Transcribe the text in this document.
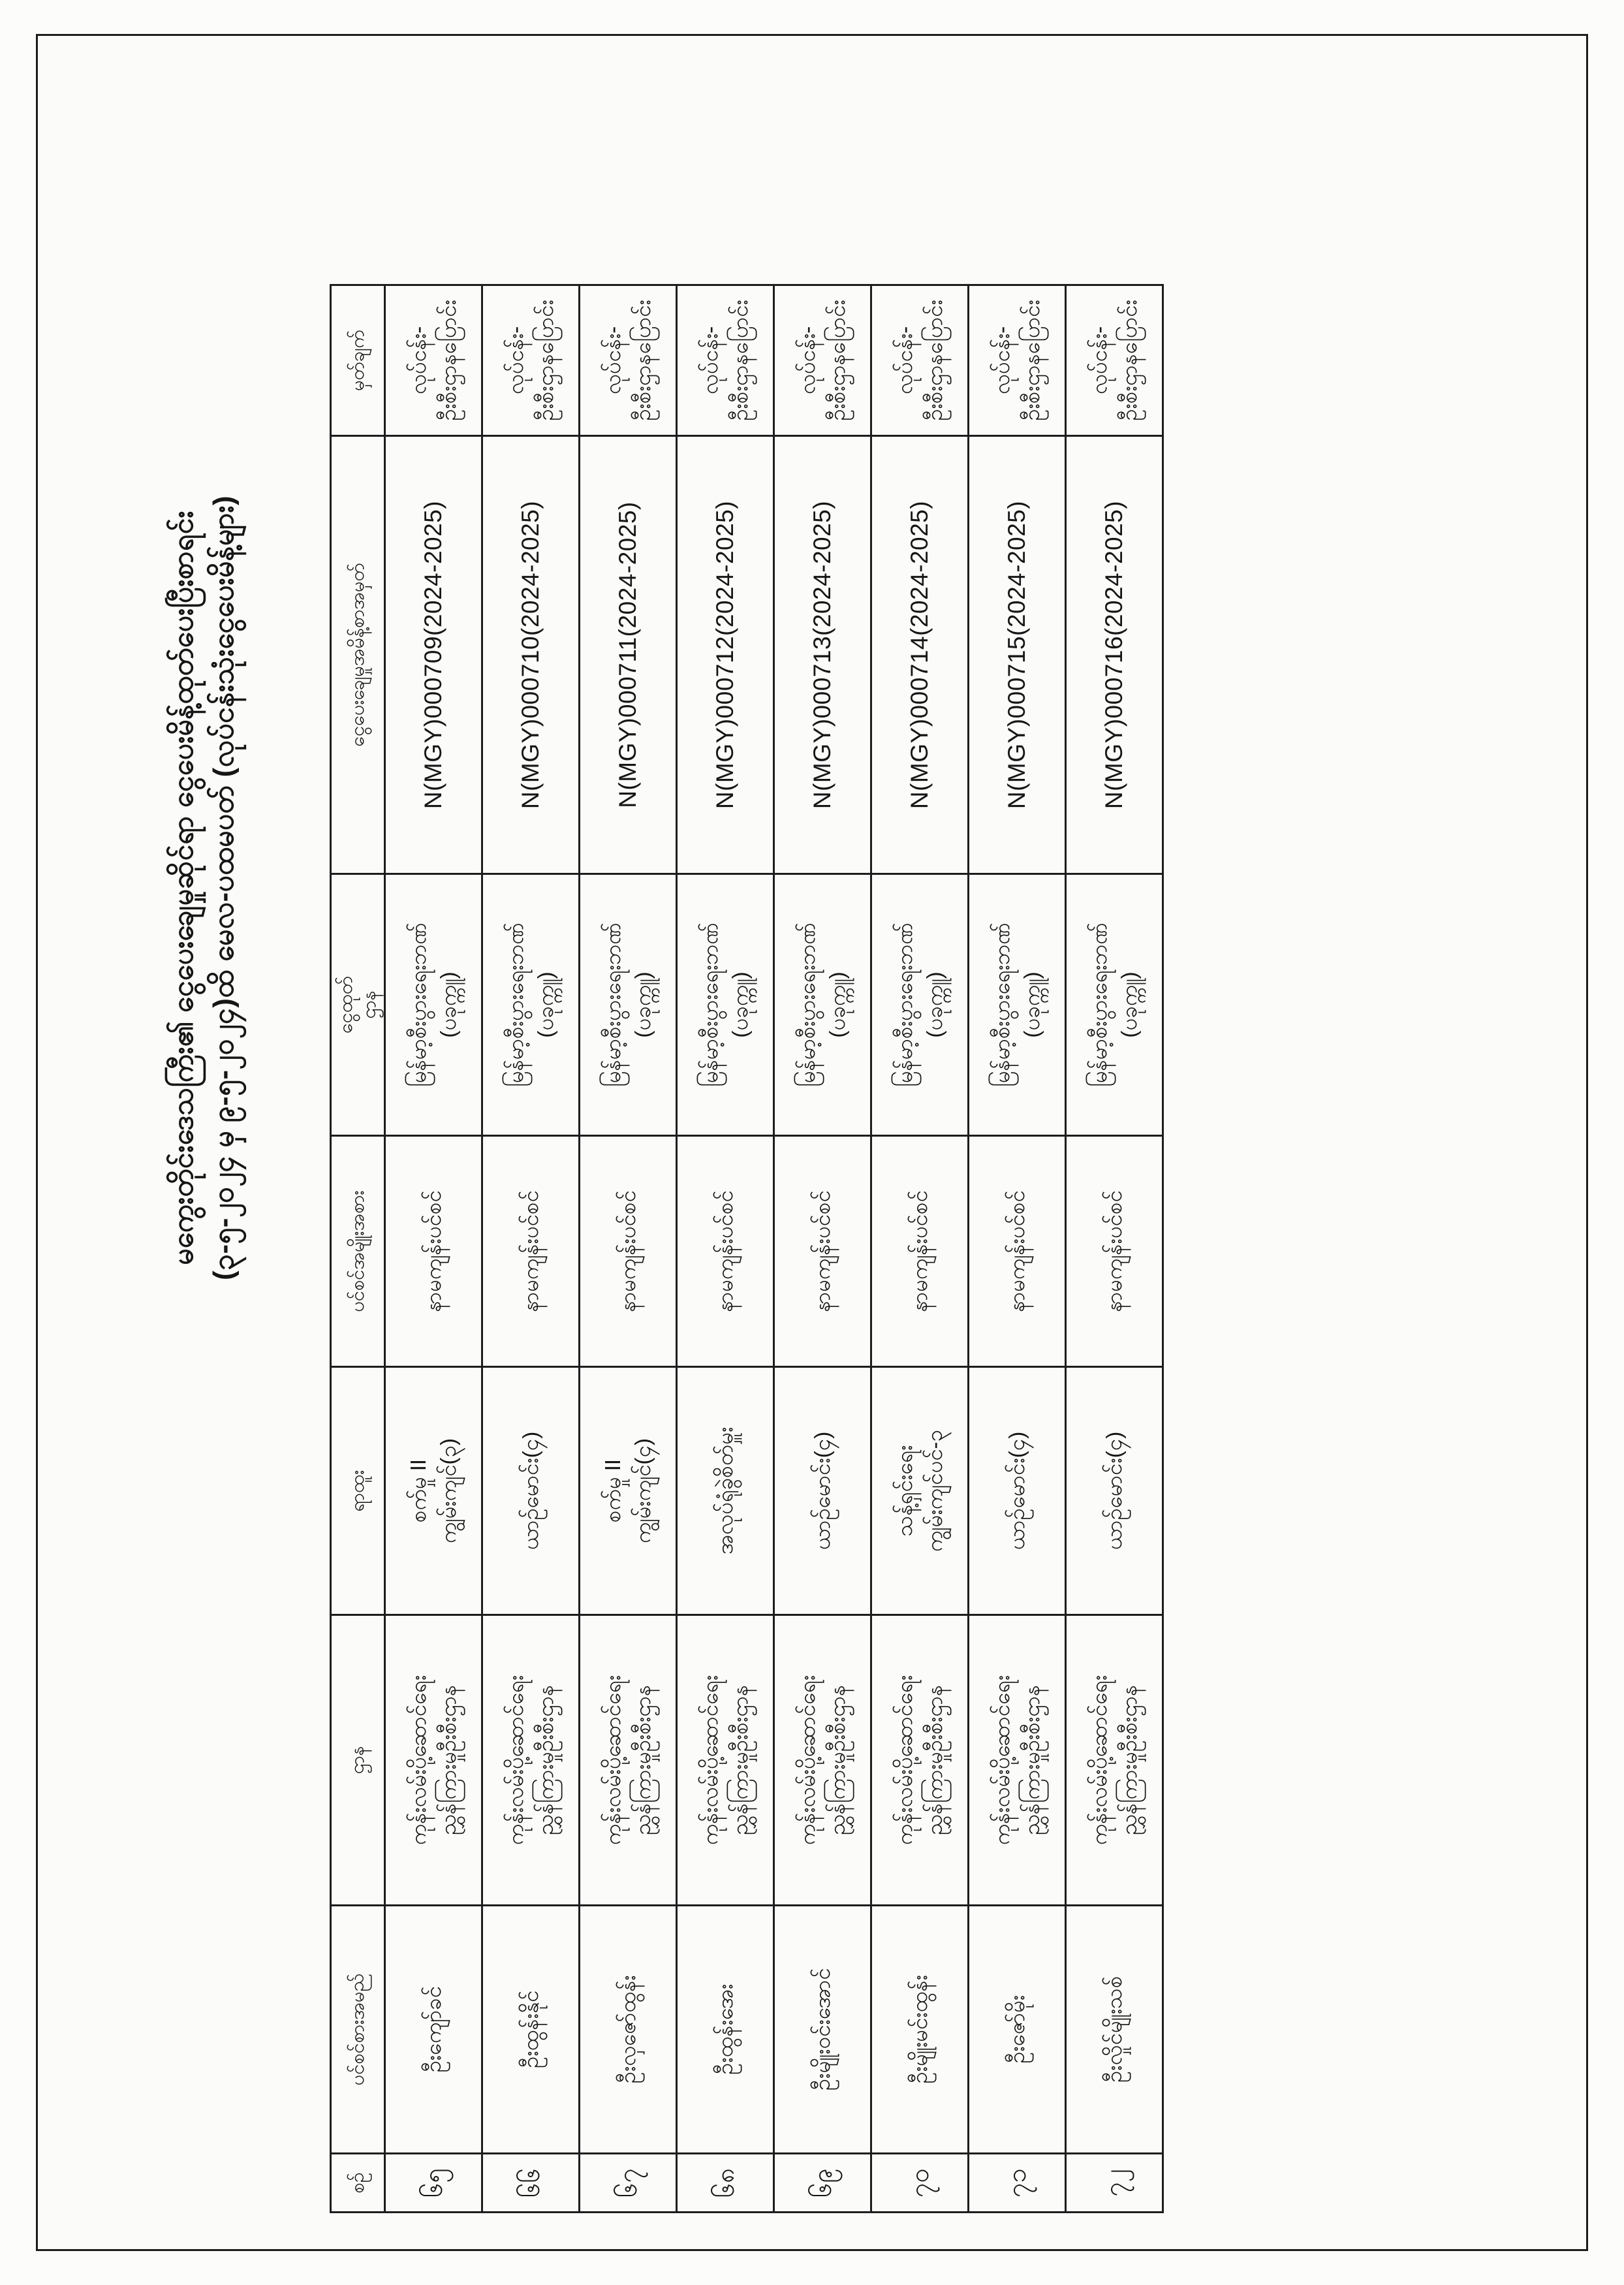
မကွေးတိုင်းဒေသကြီး၏ ငွေပေးချေမှုဆိုင်ရာ ငွေပေးမိန့်ထုတ်ပေးပြီးစာရင်း (၃-၅-၂၀၂၄ မှ ၉-၅-၂၀၂၄)ထိ မေလ-ပထမပတ် (လုပ်ငန်းသုံးငွေပေးမိန့်များ)
စဉ်	ပင်စင်စားအမည်	ဌာန	ရာထူး	ပင်စင်အမျိုးအစား	ငွေထုတ် ဌာန	ငွေပေးချေမှုအမိန့်စာအမှတ်	မှတ်ချက်

၆၅	ဦးကျော်ခင်	ကုန်းလမ်းပို့ဆောင်ရေး ညွှန်ကြားမှုဦးစီးဌာန	စက်မှု II ကျွမ်းကျင်(၃)	နာမကျန်းပင်စင်	မြန်မာ့စီးပွားရေးဘဏ် (ပခုက္ကူ)	N(MGY)000709(2024-2025)	လုပ်ငန်း- ဦးစီးဌာနပြောင်း

၆၆	ဦးထွန်းနိုင်	ကုန်းလမ်းပို့ဆောင်ရေး ညွှန်ကြားမှုဦးစီးဌာန	ယာဉ်မောင်း(၄)	နာမကျန်းပင်စင်	မြန်မာ့စီးပွားရေးဘဏ် (ပခုက္ကူ)	N(MGY)000710(2024-2025)	လုပ်ငန်း- ဦးစီးဌာနပြောင်း

၆၇	ဦးလှဇော်ထွန်း	ကုန်းလမ်းပို့ဆောင်ရေး ညွှန်ကြားမှုဦးစီးဌာန	စက်မှု II ကျွမ်းကျင်(၄)	နာမကျန်းပင်စင်	မြန်မာ့စီးပွားရေးဘဏ် (ပခုက္ကူ)	N(MGY)000711(2024-2025)	လုပ်ငန်း- ဦးစီးဌာနပြောင်း

၆၈	ဦးထွန်းအေး	ကုန်းလမ်းပို့ဆောင်ရေး ညွှန်ကြားမှုဦးစီးဌာန	အလုပ်ရုံခွဲစိတ်မှူး	နာမကျန်းပင်စင်	မြန်မာ့စီးပွားရေးဘဏ် (ပခုက္ကူ)	N(MGY)000712(2024-2025)	လုပ်ငန်း- ဦးစီးဌာနပြောင်း

၆၉	ဦးမျိုးဝင်းအောင်	ကုန်းလမ်းပို့ဆောင်ရေး ညွှန်ကြားမှုဦးစီးဌာန	ယာဉ်မောင်း(၄)	နာမကျန်းပင်စင်	မြန်မာ့စီးပွားရေးဘဏ် (ပခုက္ကူ)	N(MGY)000713(2024-2025)	လုပ်ငန်း- ဦးစီးဌာနပြောင်း

၇၀	ဦးမျိုးမင်းထွန်း	ကုန်းလမ်းပို့ဆောင်ရေး ညွှန်ကြားမှုဦးစီးဌာန	သန့်ရှင်းရေး ကျွမ်းကျင်ပင်-၃	နာမကျန်းပင်စင်	မြန်မာ့စီးပွားရေးဘဏ် (ပခုက္ကူ)	N(MGY)000714(2024-2025)	လုပ်ငန်း- ဦးစီးဌာနပြောင်း

၇၁	ဦးဇော်မိုး	ကုန်းလမ်းပို့ဆောင်ရေး ညွှန်ကြားမှုဦးစီးဌာန	ယာဉ်မောင်း(၄)	နာမကျန်းပင်စင်	မြန်မာ့စီးပွားရေးဘဏ် (ပခုက္ကူ)	N(MGY)000715(2024-2025)	လုပ်ငန်း- ဦးစီးဌာနပြောင်း

၇၂	ဦးလှိုင်မျိုးသစ်	ကုန်းလမ်းပို့ဆောင်ရေး ညွှန်ကြားမှုဦးစီးဌာန	ယာဉ်မောင်း(၄)	နာမကျန်းပင်စင်	မြန်မာ့စီးပွားရေးဘဏ် (ပခုက္ကူ)	N(MGY)000716(2024-2025)	လုပ်ငန်း- ဦးစီးဌာနပြောင်း
